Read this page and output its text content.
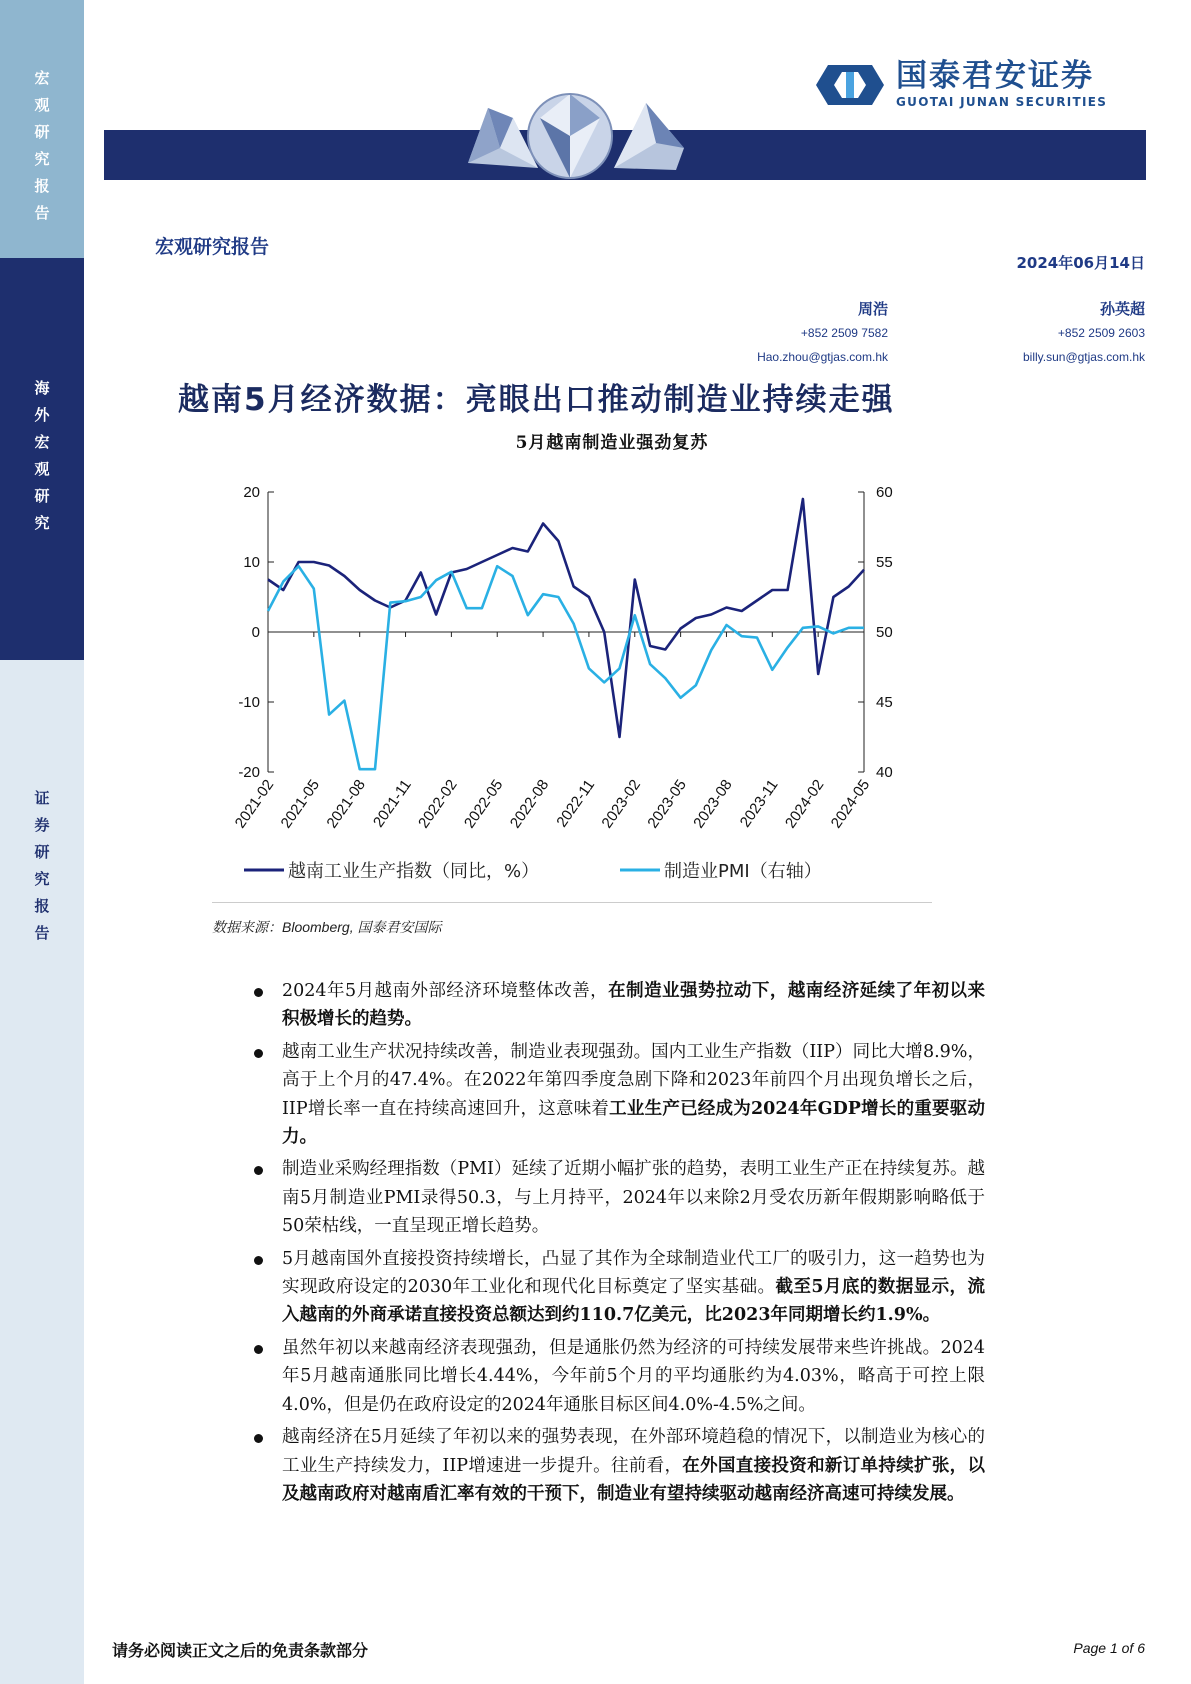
宏观研究报告
海外宏观研究
证券研究报告
国泰君安证券
GUOTAI JUNAN SECURITIES
宏观研究报告
2024年06月14日
周浩
+852 2509 7582
Hao.zhou@gtjas.com.hk
孙英超
+852 2509 2603
billy.sun@gtjas.com.hk
越南5月经济数据：亮眼出口推动制造业持续走强
5月越南制造业强劲复苏
20
10
0
-10
-20
60
55
50
45
40
2021-02 2021-05 2021-08 2021-11 2022-02 2022-05 2022-08 2022-11 2023-02 2023-05 2023-08 2023-11 2024-02 2024-05
越南工业生产指数（同比，%）	制造业PMI（右轴）
数据来源：Bloomberg, 国泰君安国际
2024年5月越南外部经济环境整体改善，在制造业强势拉动下，越南经济延续了年初以来积极增长的趋势。
越南工业生产状况持续改善，制造业表现强劲。国内工业生产指数（IIP）同比大增8.9%，高于上个月的47.4%。在2022年第四季度急剧下降和2023年前四个月出现负增长之后，IIP增长率一直在持续高速回升，这意味着工业生产已经成为2024年GDP增长的重要驱动力。
制造业采购经理指数（PMI）延续了近期小幅扩张的趋势，表明工业生产正在持续复苏。越南5月制造业PMI录得50.3，与上月持平，2024年以来除2月受农历新年假期影响略低于50荣枯线，一直呈现正增长趋势。
5月越南国外直接投资持续增长，凸显了其作为全球制造业代工厂的吸引力，这一趋势也为实现政府设定的2030年工业化和现代化目标奠定了坚实基础。截至5月底的数据显示，流入越南的外商承诺直接投资总额达到约110.7亿美元，比2023年同期增长约1.9%。
虽然年初以来越南经济表现强劲，但是通胀仍然为经济的可持续发展带来些许挑战。2024年5月越南通胀同比增长4.44%，今年前5个月的平均通胀约为4.03%，略高于可控上限4.0%，但是仍在政府设定的2024年通胀目标区间4.0%-4.5%之间。
越南经济在5月延续了年初以来的强势表现，在外部环境趋稳的情况下，以制造业为核心的工业生产持续发力，IIP增速进一步提升。往前看，在外国直接投资和新订单持续扩张，以及越南政府对越南盾汇率有效的干预下，制造业有望持续驱动越南经济高速可持续发展。
请务必阅读正文之后的免责条款部分	Page 1 of 6
